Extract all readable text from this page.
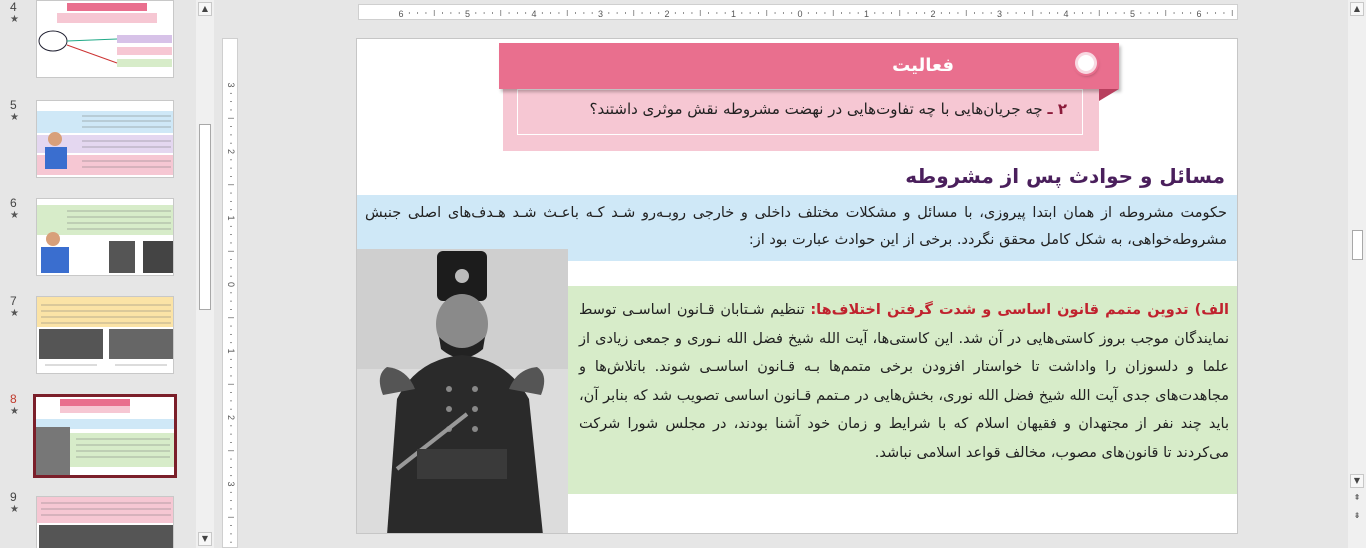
4
★
5
★
6
★
7
★
8
★
9
★
▲
▼
6	5	4	3	2	1	0	1	2	3	4	5	6
3
2
1
0
1
2
3
فعالیت
۲ ـ چه جریان‌هایی با چه تفاوت‌هایی در نهضت مشروطه نقش موثری داشتند؟
مسائل و حوادث پس از مشروطه
حکومت مشروطه از همان ابتدا پیروزی، با مسائل و مشکلات مختلف داخلی و خارجی روبـه‌رو شـد کـه باعـث شـد هـدف‌های اصلی جنبش مشروطه‌خواهی، به شکل کامل محقق نگردد. برخی از این حوادث عبارت بود از:
الف) تدوین متمم قانون اساسی و شدت گرفتن اختلاف‌ها: تنظیم شـتابان قـانون اساسـی توسط نمایندگان موجب بروز کاستی‌هایی در آن شد. این کاستی‌ها، آیت الله شیخ فضل الله نـوری و جمعی زیادی از علما و دلسوزان را واداشت تا خواستار افزودن برخی متمم‌ها بـه قـانون اساسـی شوند. باتلاش‌ها و مجاهدت‌های جدی آیت الله شیخ فضل الله نوری، بخش‌هایی در مـتمم قـانون اساسی تصویب شد که بنابر آن، باید چند نفر از مجتهدان و فقیهان اسلام که با شرایط و زمان خود آشنا بودند، در مجلس شورا شرکت می‌کردند تا قانون‌های مصوب، مخالف قواعد اسلامی نباشد.
▲
▼
⇞
⇟
